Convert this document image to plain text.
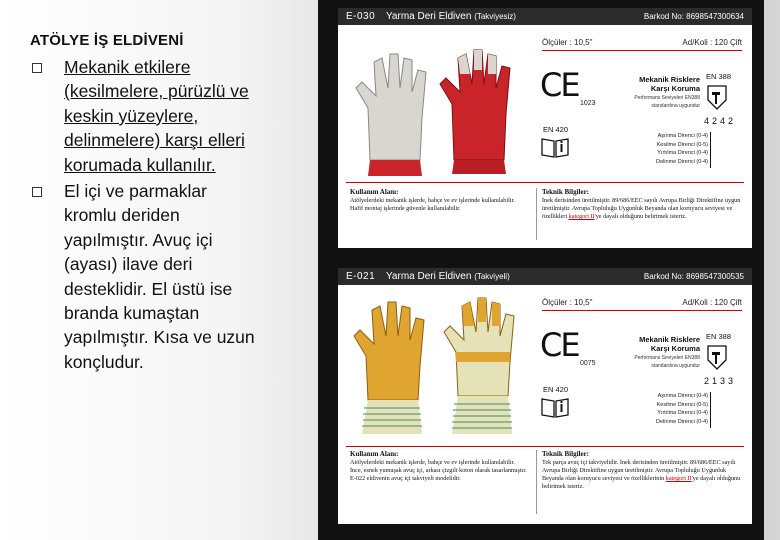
ATÖLYE İŞ ELDİVENİ
Mekanik etkilere (kesilmelere, pürüzlü ve keskin yüzeylere, delinmelere) karşı elleri korumada kullanılır.
El içi ve parmaklar kromlu deriden yapılmıştır. Avuç içi (ayası) ilave deri desteklidir. El üstü ise branda kumaştan yapılmıştır. Kısa ve uzun konçludur.
E-030 Yarma Deri Eldiven (Takviyesiz)	Barkod No: 8698547300634
Ölçüler : 10,5"	Ad/Koli : 120 Çift
CE 1023
EN 420
Mekanik Risklere
Karşı Koruma
Performans Seviyeleri EN388
standardına uygundur
EN 388
4242
Aşınma Direnci (0-4)
Kesilme Direnci (0-5)
Yırtılma Direnci (0-4)
Delinme Direnci (0-4)
Kullanım Alanı:
Atölyelerdeki mekanik işlerde, bahçe ve ev işlerinde kullanılabilir. Hafif montaj işlerinde güvenle kullanılabilir.
Teknik Bilgiler:
İnek derisinden üretilmiştir. 89/686/EEC sayılı Avrupa Birliği Direktifine uygun üretilmiştir. Avrupa Topluluğu Uygunluk Beyanda olan koruyucu seviyesi ve özellikleri kategori II'ye dayalı olduğunu belirtmek isteriz.
E-021 Yarma Deri Eldiven (Takviyeli)	Barkod No: 8698547300535
Ölçüler : 10,5"	Ad/Koli : 120 Çift
CE 0075
EN 420
Mekanik Risklere
Karşı Koruma
Performans Seviyeleri EN388
standardına uygundur
EN 388
2133
Aşınma Direnci (0-4)
Kesilme Direnci (0-5)
Yırtılma Direnci (0-4)
Delinme Direnci (0-4)
Kullanım Alanı:
Atölyelerdeki mekanik işlerde, bahçe ve ev işlerinde kullanılabilir. İnce, esnek yumuşak avuç içi, arkası çizgili koton olarak tasarlanmıştır. E-022 eldivenin avuç içi takviyeli modelidir.
Teknik Bilgiler:
Tek parça avuç içi takviyelidir. İnek derisinden üretilmiştir. 89/686/EEC sayılı Avrupa Birliği Direktifine uygun üretilmiştir. Avrupa Topluluğu Uygunluk Beyanda olan koruyucu seviyesi ve özelliklerinin kategori II'ye dayalı olduğunu belirtmek isteriz.
